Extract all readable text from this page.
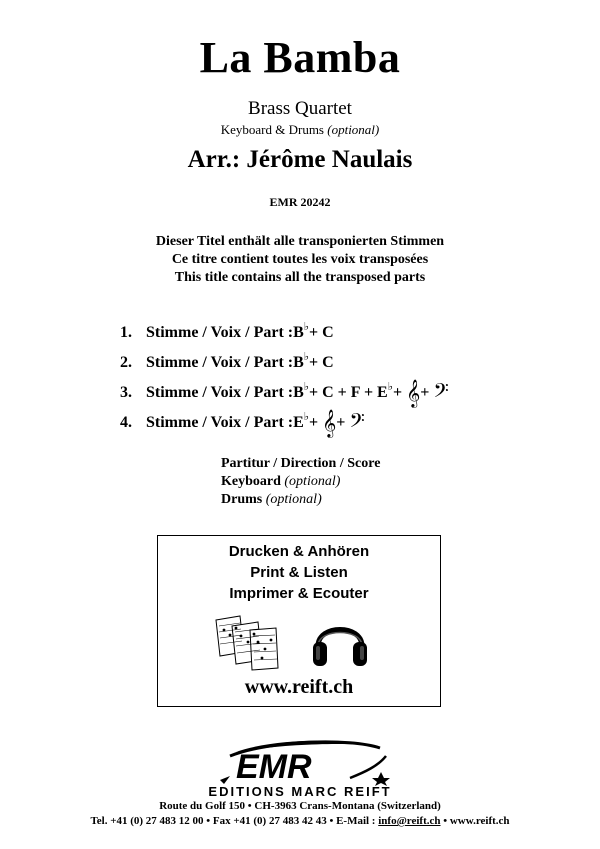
La Bamba
Brass Quartet
Keyboard & Drums (optional)
Arr.: Jérôme Naulais
EMR 20242
Dieser Titel enthält alle transponierten Stimmen
Ce titre contient toutes les voix transposées
This title contains all the transposed parts
1. Stimme / Voix / Part : B ♭ + C
2. Stimme / Voix / Part : B ♭ + C
3. Stimme / Voix / Part : B ♭ + C + F + E ♭ +
𝄞 +
𝄢
4. Stimme / Voix / Part : E ♭ +
𝄞 +
𝄢
Partitur / Direction / Score
Keyboard (optional)
Drums (optional)
Drucken & Anhören
Print & Listen
Imprimer & Ecouter
www.reift.ch
EMR
EDITIONS MARC REIFT
Route du Golf 150 • CH-3963 Crans-Montana (Switzerland)
Tel. +41 (0) 27 483 12 00 • Fax +41 (0) 27 483 42 43 • E-Mail : info@reift.ch • www.reift.ch
